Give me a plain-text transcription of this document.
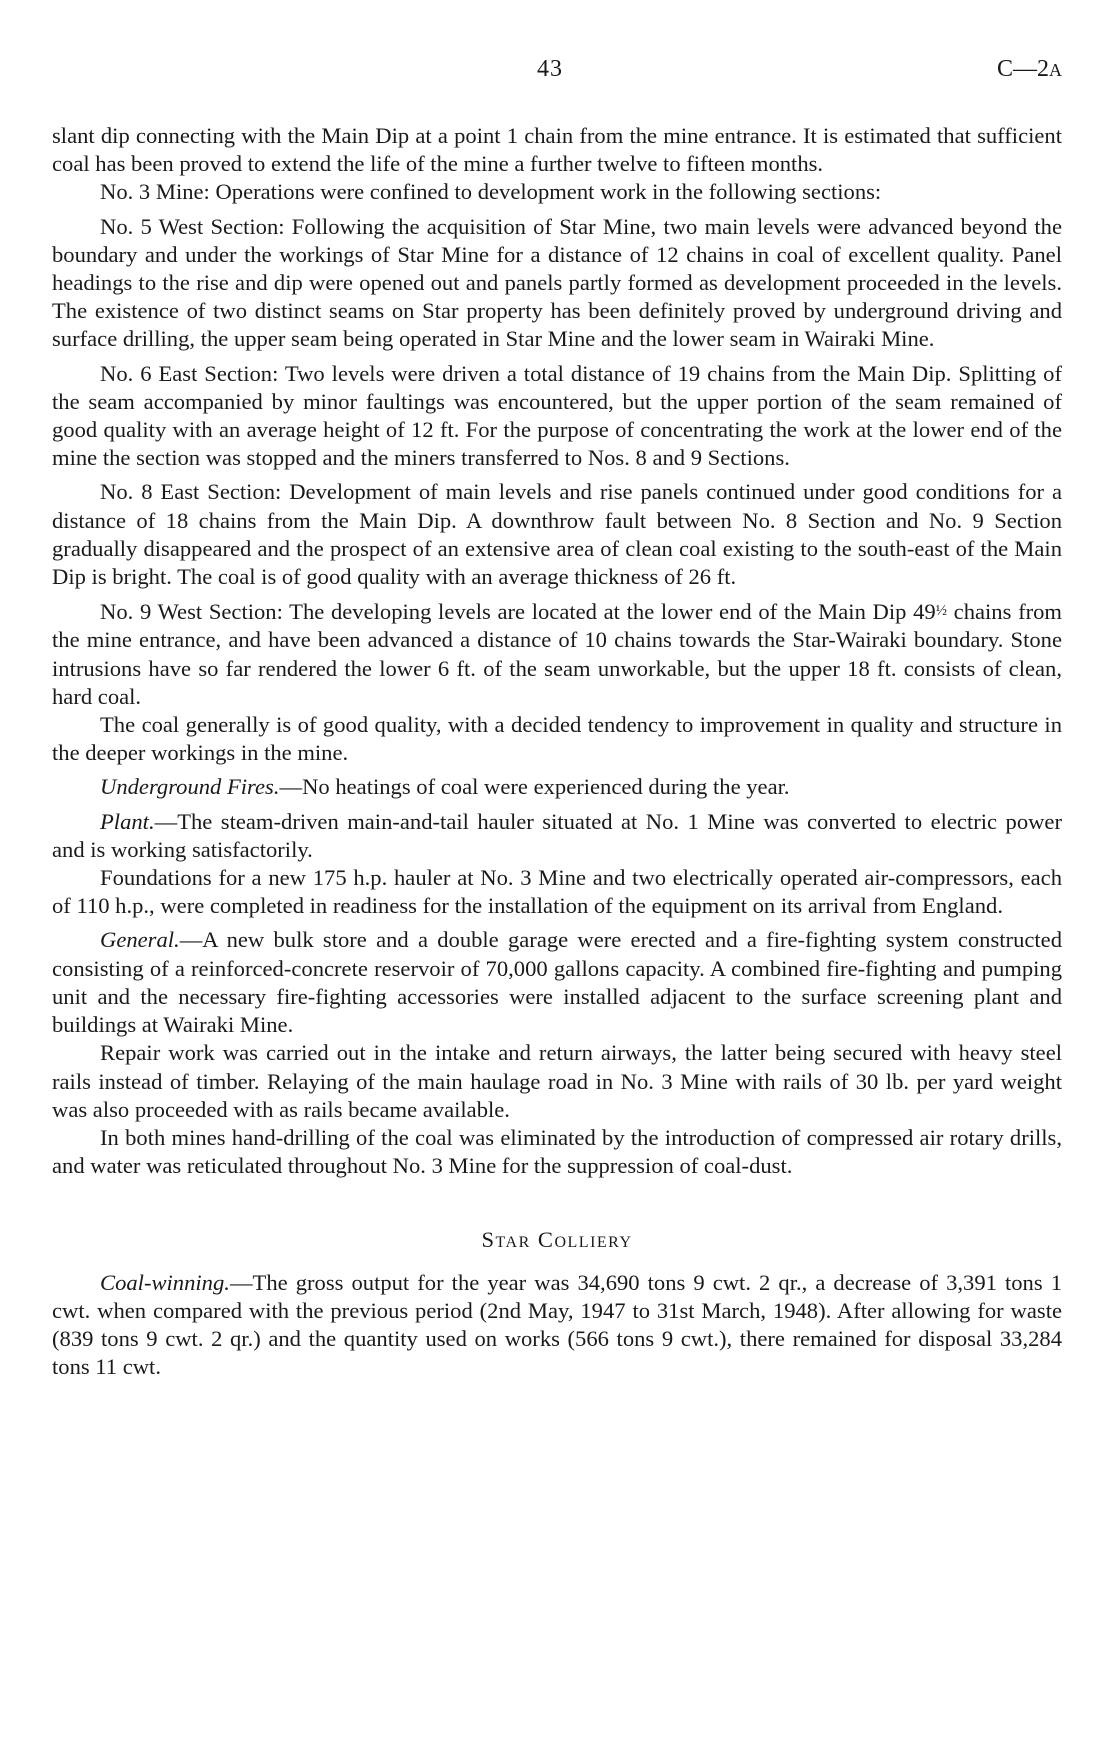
43	C—2A

slant dip connecting with the Main Dip at a point 1 chain from the mine entrance. It is estimated that sufficient coal has been proved to extend the life of the mine a further twelve to fifteen months.

No. 3 Mine: Operations were confined to development work in the following sections:

No. 5 West Section: Following the acquisition of Star Mine, two main levels were advanced beyond the boundary and under the workings of Star Mine for a distance of 12 chains in coal of excellent quality. Panel headings to the rise and dip were opened out and panels partly formed as development proceeded in the levels. The existence of two distinct seams on Star property has been definitely proved by underground driving and surface drilling, the upper seam being operated in Star Mine and the lower seam in Wairaki Mine.

No. 6 East Section: Two levels were driven a total distance of 19 chains from the Main Dip. Splitting of the seam accompanied by minor faultings was encountered, but the upper portion of the seam remained of good quality with an average height of 12 ft. For the purpose of concentrating the work at the lower end of the mine the section was stopped and the miners transferred to Nos. 8 and 9 Sections.

No. 8 East Section: Development of main levels and rise panels continued under good conditions for a distance of 18 chains from the Main Dip. A downthrow fault between No. 8 Section and No. 9 Section gradually disappeared and the prospect of an extensive area of clean coal existing to the south-east of the Main Dip is bright. The coal is of good quality with an average thickness of 26 ft.

No. 9 West Section: The developing levels are located at the lower end of the Main Dip 49½ chains from the mine entrance, and have been advanced a distance of 10 chains towards the Star-Wairaki boundary. Stone intrusions have so far rendered the lower 6 ft. of the seam unworkable, but the upper 18 ft. consists of clean, hard coal.

The coal generally is of good quality, with a decided tendency to improvement in quality and structure in the deeper workings in the mine.

Underground Fires.—No heatings of coal were experienced during the year.

Plant.—The steam-driven main-and-tail hauler situated at No. 1 Mine was converted to electric power and is working satisfactorily.

Foundations for a new 175 h.p. hauler at No. 3 Mine and two electrically operated air-compressors, each of 110 h.p., were completed in readiness for the installation of the equipment on its arrival from England.

General.—A new bulk store and a double garage were erected and a fire-fighting system constructed consisting of a reinforced-concrete reservoir of 70,000 gallons capacity. A combined fire-fighting and pumping unit and the necessary fire-fighting accessories were installed adjacent to the surface screening plant and buildings at Wairaki Mine.

Repair work was carried out in the intake and return airways, the latter being secured with heavy steel rails instead of timber. Relaying of the main haulage road in No. 3 Mine with rails of 30 lb. per yard weight was also proceeded with as rails became available.

In both mines hand-drilling of the coal was eliminated by the introduction of compressed air rotary drills, and water was reticulated throughout No. 3 Mine for the suppression of coal-dust.

Star Colliery

Coal-winning.—The gross output for the year was 34,690 tons 9 cwt. 2 qr., a decrease of 3,391 tons 1 cwt. when compared with the previous period (2nd May, 1947 to 31st March, 1948). After allowing for waste (839 tons 9 cwt. 2 qr.) and the quantity used on works (566 tons 9 cwt.), there remained for disposal 33,284 tons 11 cwt.
